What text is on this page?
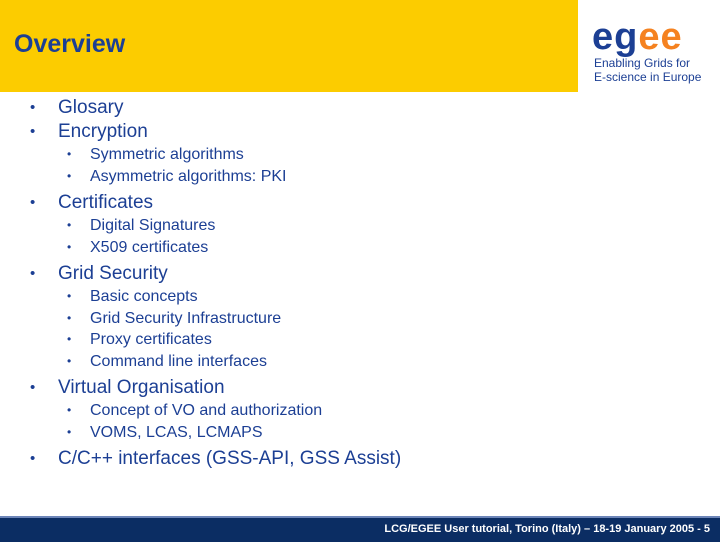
Overview	egee
Enabling Grids for
E-science in Europe
• Glosary
• Encryption
• Symmetric algorithms
• Asymmetric algorithms: PKI
• Certificates
• Digital Signatures
• X509 certificates
• Grid Security
• Basic concepts
• Grid Security Infrastructure
• Proxy certificates
• Command line interfaces
• Virtual Organisation
• Concept of VO and authorization
• VOMS, LCAS, LCMAPS
• C/C++ interfaces (GSS-API, GSS Assist)
LCG/EGEE User tutorial, Torino (Italy) – 18-19 January 2005 - 5
